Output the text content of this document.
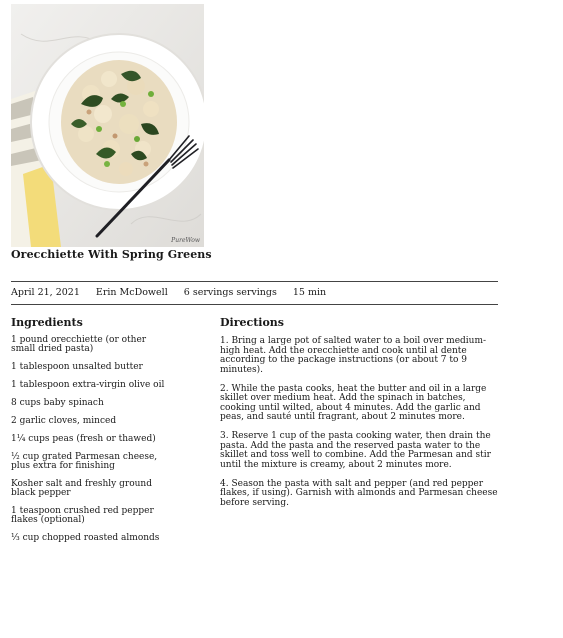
PureWow
Orecchiette With Spring Greens
April 21, 2021 Erin McDowell 6 servings servings 15 min
Ingredients	Directions
1 pound orecchiette (or other small dried pasta)
1 tablespoon unsalted butter
1 tablespoon extra-virgin olive oil
8 cups baby spinach
2 garlic cloves, minced
1¼ cups peas (fresh or thawed)
½ cup grated Parmesan cheese, plus extra for finishing
Kosher salt and freshly ground black pepper
1 teaspoon crushed red pepper flakes (optional)
⅓ cup chopped roasted almonds
1. Bring a large pot of salted water to a boil over medium-high heat. Add the orecchiette and cook until al dente according to the package instructions (or about 7 to 9 minutes).
2. While the pasta cooks, heat the butter and oil in a large skillet over medium heat. Add the spinach in batches, cooking until wilted, about 4 minutes. Add the garlic and peas, and sauté until fragrant, about 2 minutes more.
3. Reserve 1 cup of the pasta cooking water, then drain the pasta. Add the pasta and the reserved pasta water to the skillet and toss well to combine. Add the Parmesan and stir until the mixture is creamy, about 2 minutes more.
4. Season the pasta with salt and pepper (and red pepper flakes, if using). Garnish with almonds and Parmesan cheese before serving.
